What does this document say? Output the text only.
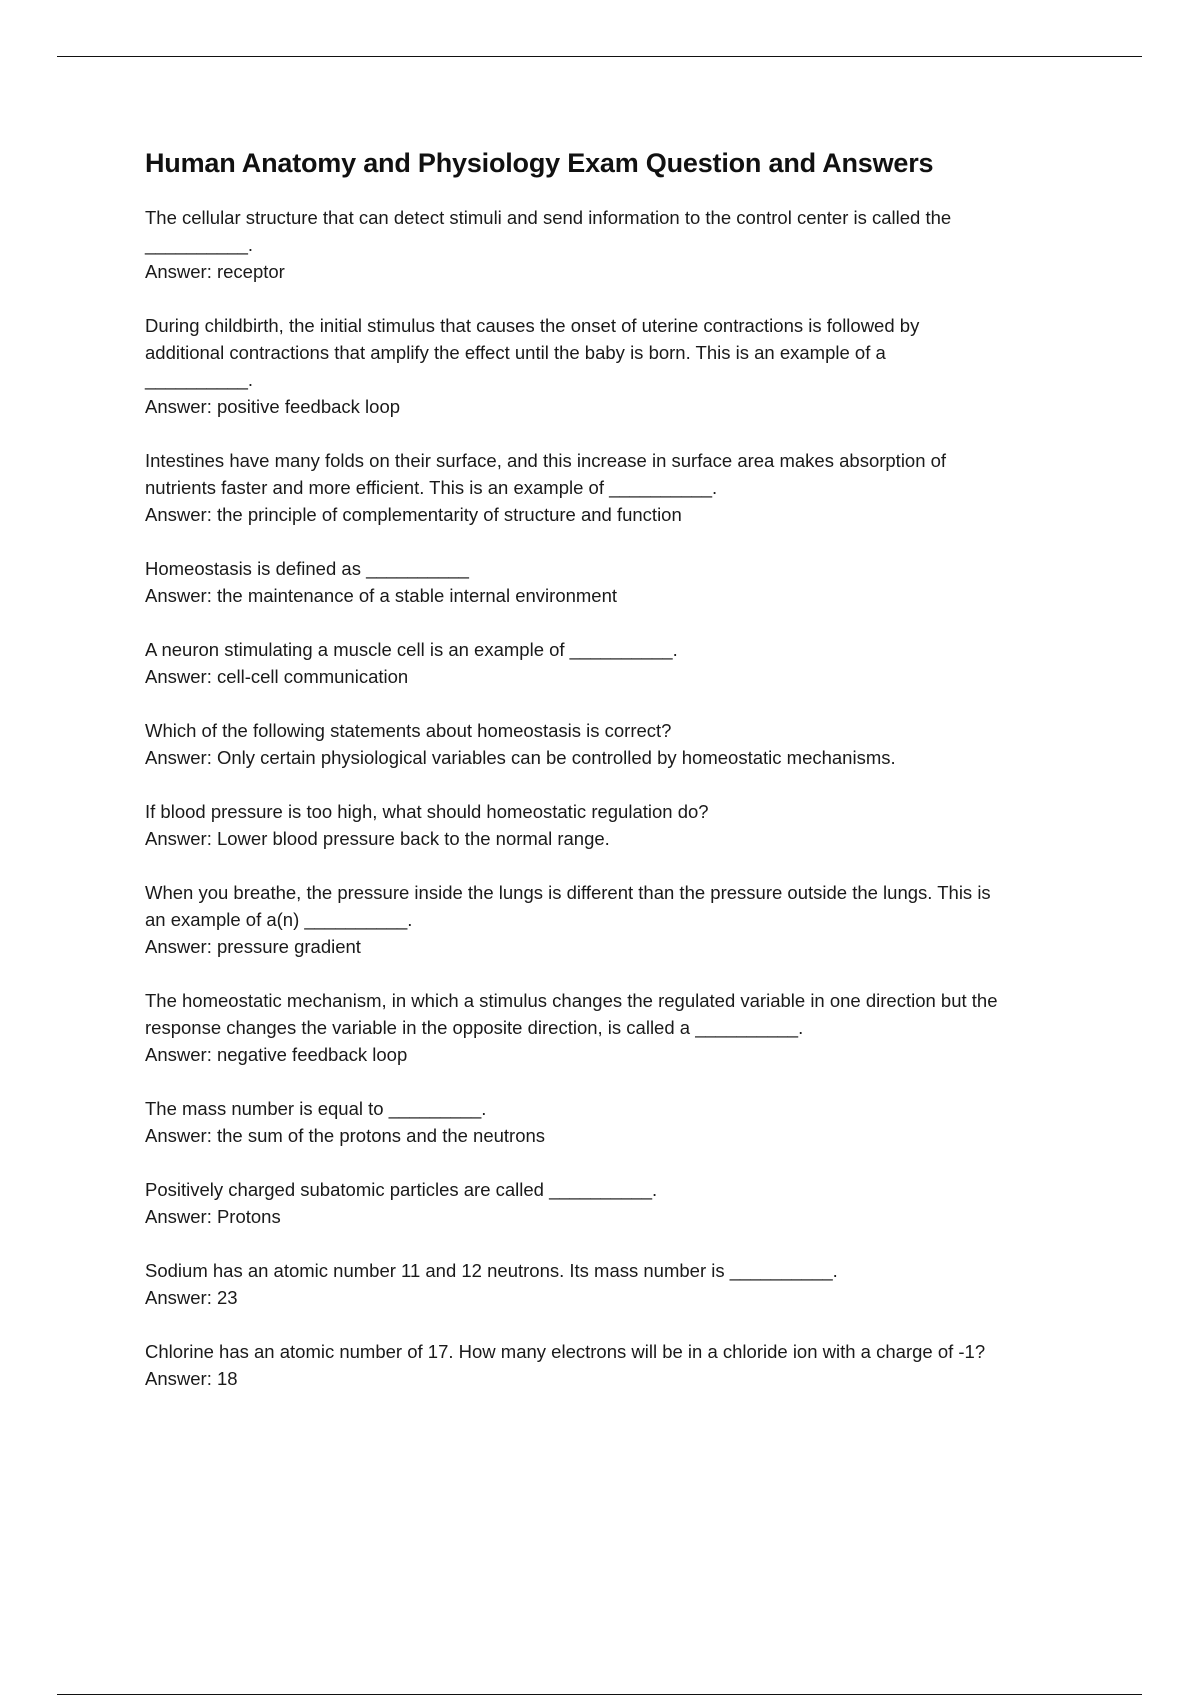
Human Anatomy and Physiology Exam Question and Answers

The cellular structure that can detect stimuli and send information to the control center is called the
__________.

Answer: receptor

During childbirth, the initial stimulus that causes the onset of uterine contractions is followed by
additional contractions that amplify the effect until the baby is born. This is an example of a
__________.

Answer: positive feedback loop

Intestines have many folds on their surface, and this increase in surface area makes absorption of
nutrients faster and more efficient. This is an example of __________.

Answer: the principle of complementarity of structure and function

Homeostasis is defined as __________

Answer: the maintenance of a stable internal environment

A neuron stimulating a muscle cell is an example of __________.

Answer: cell-cell communication

Which of the following statements about homeostasis is correct?

Answer: Only certain physiological variables can be controlled by homeostatic mechanisms.

If blood pressure is too high, what should homeostatic regulation do?

Answer: Lower blood pressure back to the normal range.

When you breathe, the pressure inside the lungs is different than the pressure outside the lungs. This is
an example of a(n) __________.

Answer: pressure gradient

The homeostatic mechanism, in which a stimulus changes the regulated variable in one direction but the
response changes the variable in the opposite direction, is called a __________.

Answer: negative feedback loop

The mass number is equal to _________.

Answer: the sum of the protons and the neutrons

Positively charged subatomic particles are called __________.

Answer: Protons

Sodium has an atomic number 11 and 12 neutrons. Its mass number is __________.

Answer: 23

Chlorine has an atomic number of 17. How many electrons will be in a chloride ion with a charge of -1?

Answer: 18
